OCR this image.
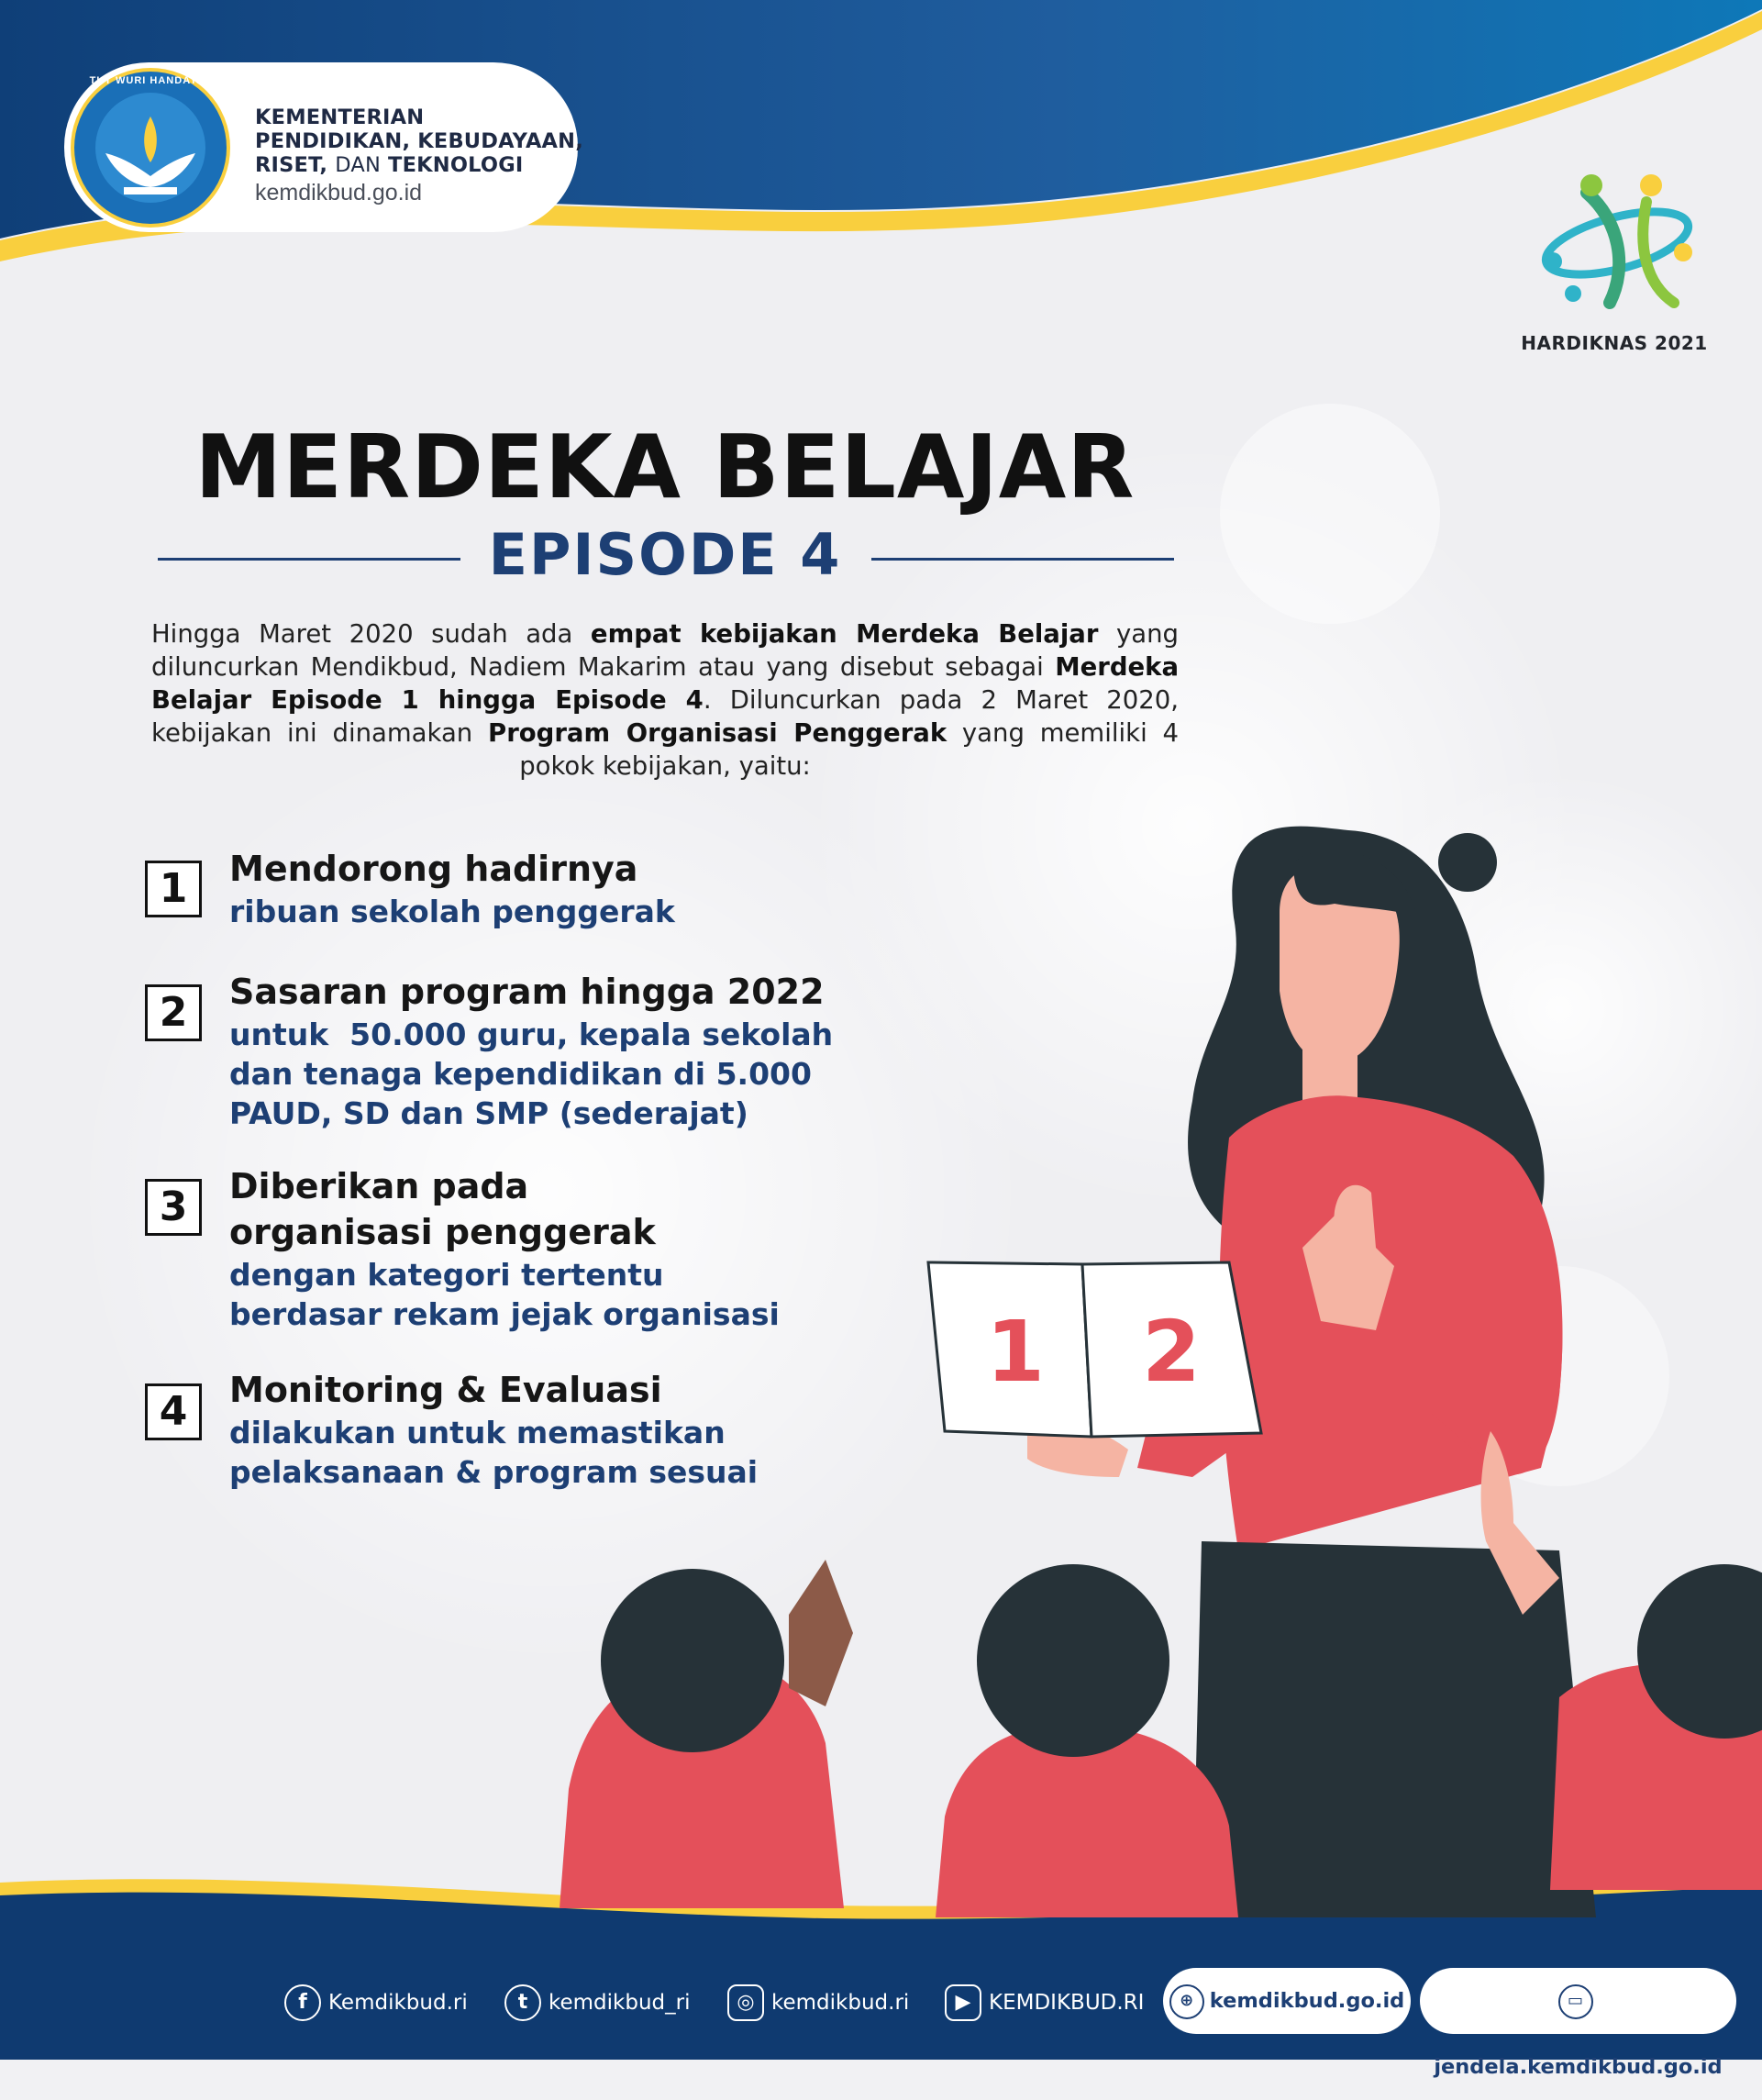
TUT WURI HANDAYANI
KEMENTERIAN
PENDIDIKAN, KEBUDAYAAN,
RISET, DAN TEKNOLOGI
kemdikbud.go.id
HARDIKNAS 2021
MERDEKA BELAJAR
EPISODE 4
Hingga Maret 2020 sudah ada empat kebijakan Merdeka Belajar yang diluncurkan Mendikbud, Nadiem Makarim atau yang disebut sebagai Merdeka Belajar Episode 1 hingga Episode 4. Diluncurkan pada 2 Maret 2020, kebijakan ini dinamakan Program Organisasi Penggerak yang memiliki 4 pokok kebijakan, yaitu:
1	Mendorong hadirnya
ribuan sekolah penggerak
2	Sasaran program hingga 2022
untuk  50.000 guru, kepala sekolah
dan tenaga kependidikan di 5.000
PAUD, SD dan SMP (sederajat)
3	Diberikan pada
organisasi penggerak
dengan kategori tertentu
berdasar rekam jejak organisasi
4	Monitoring & Evaluasi
dilakukan untuk memastikan
pelaksanaan & program sesuai
1 2
f Kemdikbud.ri	t kemdikbud_ri	◎ kemdikbud.ri	▶ KEMDIKBUD.RI	⊕ kemdikbud.go.id	▭jendela.kemdikbud.go.id
